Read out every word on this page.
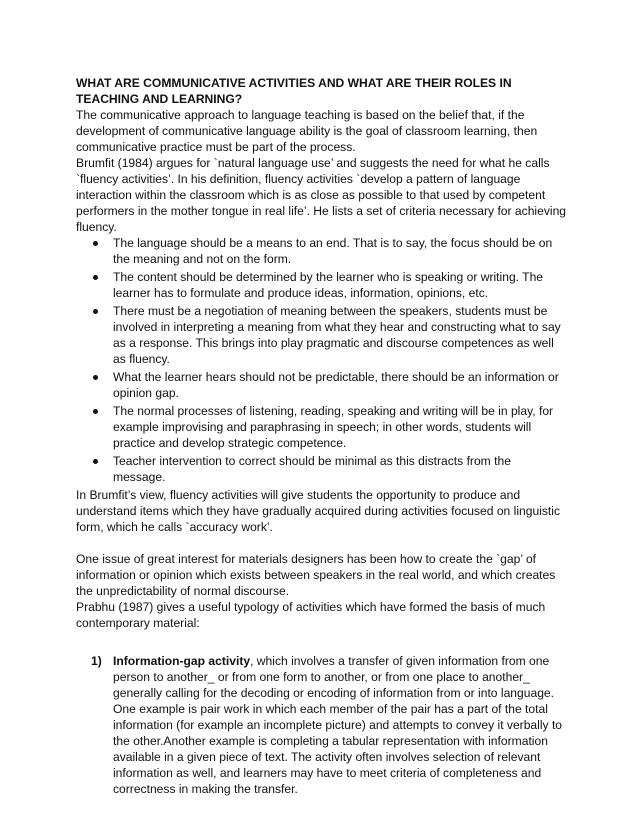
WHAT ARE COMMUNICATIVE ACTIVITIES AND WHAT ARE THEIR ROLES IN TEACHING AND LEARNING?

The communicative approach to language teaching is based on the belief that, if the development of communicative language ability is the goal of classroom learning, then communicative practice must be part of the process.

Brumfit (1984) argues for `natural language use’ and suggests the need for what he calls `fluency activities’. In his definition, fluency activities `develop a pattern of language interaction within the classroom which is as close as possible to that used by competent performers in the mother tongue in real life’. He lists a set of criteria necessary for achieving fluency.

The language should be a means to an end. That is to say, the focus should be on the meaning and not on the form.
The content should be determined by the learner who is speaking or writing. The learner has to formulate and produce ideas, information, opinions, etc.
There must be a negotiation of meaning between the speakers, students must be involved in interpreting a meaning from what they hear and constructing what to say as a response. This brings into play pragmatic and discourse competences as well as fluency.
What the learner hears should not be predictable, there should be an information or opinion gap.
The normal processes of listening, reading, speaking and writing will be in play, for example improvising and paraphrasing in speech; in other words, students will practice and develop strategic competence.
Teacher intervention to correct should be minimal as this distracts from the message.

In Brumfit’s view, fluency activities will give students the opportunity to produce and understand items which they have gradually acquired during activities focused on linguistic form, which he calls `accuracy work’.

One issue of great interest for materials designers has been how to create the `gap’ of information or opinion which exists between speakers in the real world, and which creates the unpredictability of normal discourse.

Prabhu (1987) gives a useful typology of activities which have formed the basis of much contemporary material:

1) Information-gap activity, which involves a transfer of given information from one person to another_ or from one form to another, or from one place to another_ generally calling for the decoding or encoding of information from or into language. One example is pair work in which each member of the pair has a part of the total information (for example an incomplete picture) and attempts to convey it verbally to the other.Another example is completing a tabular representation with information available in a given piece of text. The activity often involves selection of relevant information as well, and learners may have to meet criteria of completeness and correctness in making the transfer.
